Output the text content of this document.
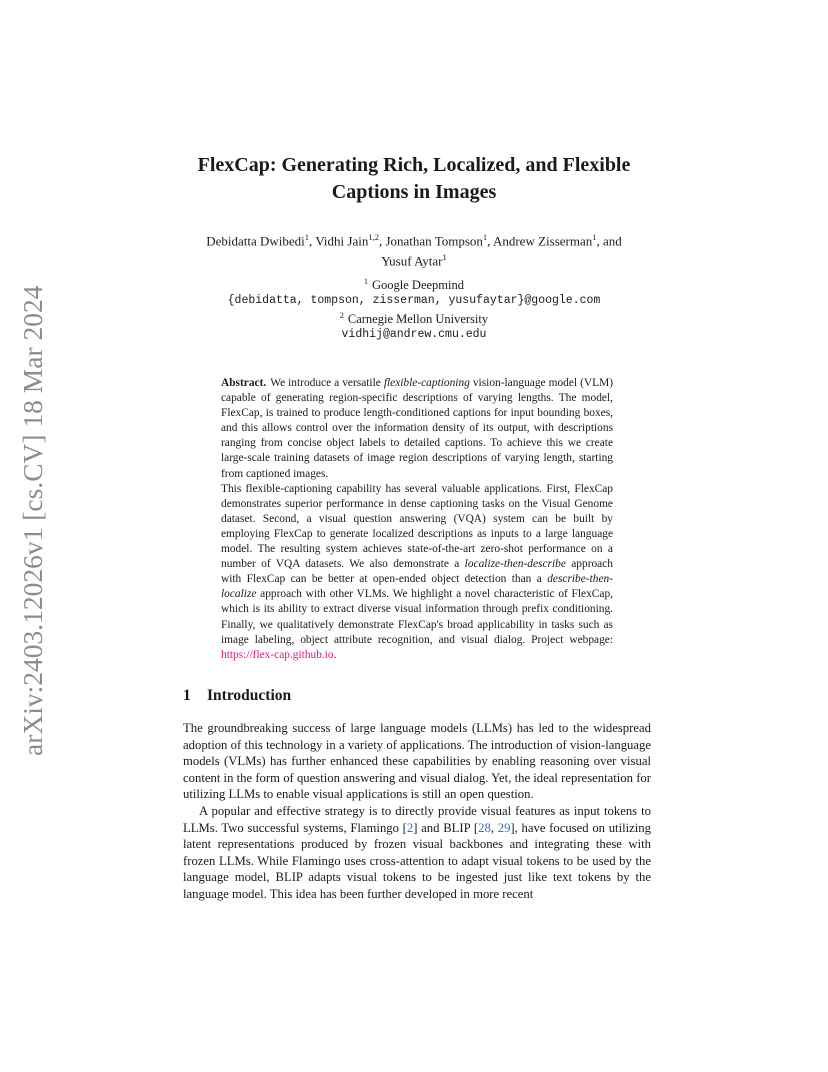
arXiv:2403.12026v1 [cs.CV] 18 Mar 2024
FlexCap: Generating Rich, Localized, and Flexible
Captions in Images
Debidatta Dwibedi$^1$, Vidhi Jain$^{1,2}$, Jonathan Tompson$^1$, Andrew Zisserman$^1$, and
Yusuf Aytar$^1$
$^1$ Google Deepmind
{debidatta, tompson, zisserman, yusufaytar}@google.com
$^2$ Carnegie Mellon University
vidhij@andrew.cmu.edu

Abstract. We introduce a versatile flexible-captioning vision-language model (VLM) capable of generating region-specific descriptions of varying lengths. The model, FlexCap, is trained to produce length-conditioned captions for input bounding boxes, and this allows control over the information density of its output, with descriptions ranging from concise object labels to detailed captions. To achieve this we create large-scale training datasets of image region descriptions of varying length, starting from captioned images.

This flexible-captioning capability has several valuable applications. First, FlexCap demonstrates superior performance in dense captioning tasks on the Visual Genome dataset. Second, a visual question answering (VQA) system can be built by employing FlexCap to generate localized descriptions as inputs to a large language model. The resulting system achieves state-of-the-art zero-shot performance on a number of VQA datasets. We also demonstrate a localize-then-describe approach with FlexCap can be better at open-ended object detection than a describe-then-localize approach with other VLMs. We highlight a novel characteristic of FlexCap, which is its ability to extract diverse visual information through prefix conditioning. Finally, we qualitatively demonstrate FlexCap's broad applicability in tasks such as image labeling, object attribute recognition, and visual dialog. Project webpage: https://flex-cap.github.io.

1 Introduction

The groundbreaking success of large language models (LLMs) has led to the widespread adoption of this technology in a variety of applications. The introduction of vision-language models (VLMs) has further enhanced these capabilities by enabling reasoning over visual content in the form of question answering and visual dialog. Yet, the ideal representation for utilizing LLMs to enable visual applications is still an open question.

A popular and effective strategy is to directly provide visual features as input tokens to LLMs. Two successful systems, Flamingo [2] and BLIP [28, 29], have focused on utilizing latent representations produced by frozen visual backbones and integrating these with frozen LLMs. While Flamingo uses cross-attention to adapt visual tokens to be used by the language model, BLIP adapts visual tokens to be ingested just like text tokens by the language model. This idea has been further developed in more recent
